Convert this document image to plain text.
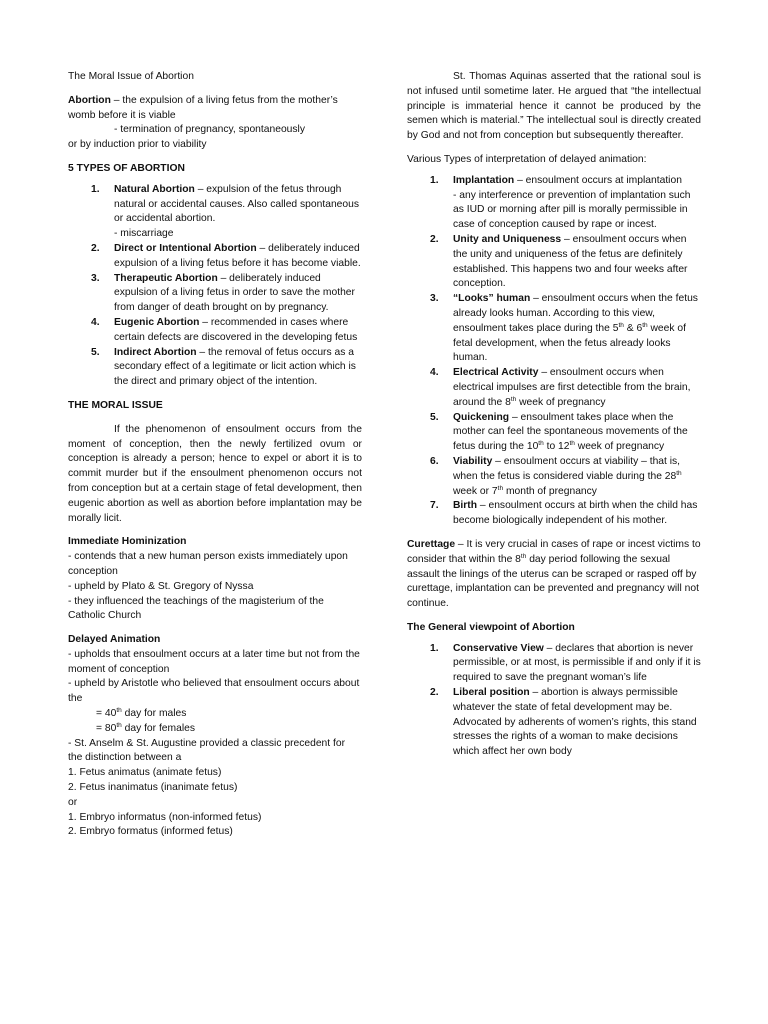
The Moral Issue of Abortion

Abortion – the expulsion of a living fetus from the mother’s womb before it is viable

- termination of pregnancy, spontaneously

or by induction prior to viability

5 TYPES OF ABORTION

1. Natural Abortion – expulsion of the fetus through natural or accidental causes. Also called spontaneous or accidental abortion.
- miscarriage
2. Direct or Intentional Abortion – deliberately induced expulsion of a living fetus before it has become viable.
3. Therapeutic Abortion – deliberately induced expulsion of a living fetus in order to save the mother from danger of death brought on by pregnancy.
4. Eugenic Abortion – recommended in cases where certain defects are discovered in the developing fetus
5. Indirect Abortion – the removal of fetus occurs as a secondary effect of a legitimate or licit action which is the direct and primary object of the intention.

THE MORAL ISSUE

If the phenomenon of ensoulment occurs from the moment of conception, then the newly fertilized ovum or conception is already a person; hence to expel or abort it is to commit murder but if the ensoulment phenomenon occurs not from conception but at a certain stage of fetal development, then eugenic abortion as well as abortion before implantation may be morally licit.

Immediate Hominization

- contends that a new human person exists immediately upon conception

- upheld by Plato & St. Gregory of Nyssa

- they influenced the teachings of the magisterium of the Catholic Church

Delayed Animation

- upholds that ensoulment occurs at a later time but not from the moment of conception

- upheld by Aristotle who believed that ensoulment occurs about the

= 40th day for males

= 80th day for females

- St. Anselm & St. Augustine provided a classic precedent for the distinction between a

1. Fetus animatus (animate fetus)

2. Fetus inanimatus (inanimate fetus)

or

1. Embryo informatus (non-informed fetus)

2. Embryo formatus (informed fetus)

St. Thomas Aquinas asserted that the rational soul is not infused until sometime later. He argued that “the intellectual principle is immaterial hence it cannot be produced by the semen which is material.” The intellectual soul is directly created by God and not from conception but subsequently thereafter.

Various Types of interpretation of delayed animation:

1. Implantation – ensoulment occurs at implantation
- any interference or prevention of implantation such as IUD or morning after pill is morally permissible in case of conception caused by rape or incest.
2. Unity and Uniqueness – ensoulment occurs when the unity and uniqueness of the fetus are definitely established. This happens two and four weeks after conception.
3. “Looks” human – ensoulment occurs when the fetus already looks human. According to this view, ensoulment takes place during the 5th & 6th week of fetal development, when the fetus already looks human.
4. Electrical Activity – ensoulment occurs when electrical impulses are first detectible from the brain, around the 8th week of pregnancy
5. Quickening – ensoulment takes place when the mother can feel the spontaneous movements of the fetus during the 10th to 12th week of pregnancy
6. Viability – ensoulment occurs at viability – that is, when the fetus is considered viable during the 28th week or 7th month of pregnancy
7. Birth – ensoulment occurs at birth when the child has become biologically independent of his mother.

Curettage – It is very crucial in cases of rape or incest victims to consider that within the 8th day period following the sexual assault the linings of the uterus can be scraped or rasped off by curettage, implantation can be prevented and pregnancy will not continue.

The General viewpoint of Abortion

1. Conservative View – declares that abortion is never permissible, or at most, is permissible if and only if it is required to save the pregnant woman’s life
2. Liberal position – abortion is always permissible whatever the state of fetal development may be. Advocated by adherents of women’s rights, this stand stresses the rights of a woman to make decisions which affect her own body
